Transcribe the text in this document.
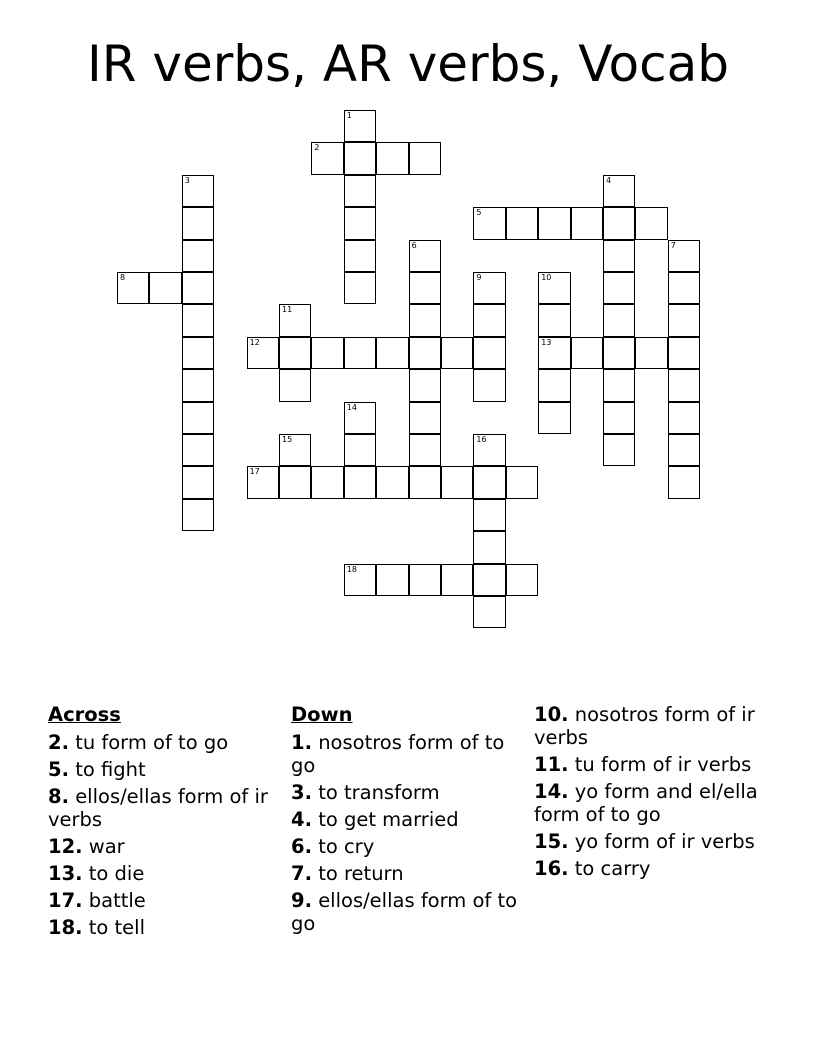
IR verbs, AR verbs, Vocab
1
2
3	4
5
6	7
8	9	10
13
11
12
14
15	16
17
18
Across
2. tu form of to go
5. to fight
8. ellos/ellas form of ir verbs
12. war
13. to die
17. battle
18. to tell
Down
1. nosotros form of to go
3. to transform
4. to get married
6. to cry
7. to return
9. ellos/ellas form of to go
10. nosotros form of ir verbs
11. tu form of ir verbs
14. yo form and el/ella form of to go
15. yo form of ir verbs
16. to carry
